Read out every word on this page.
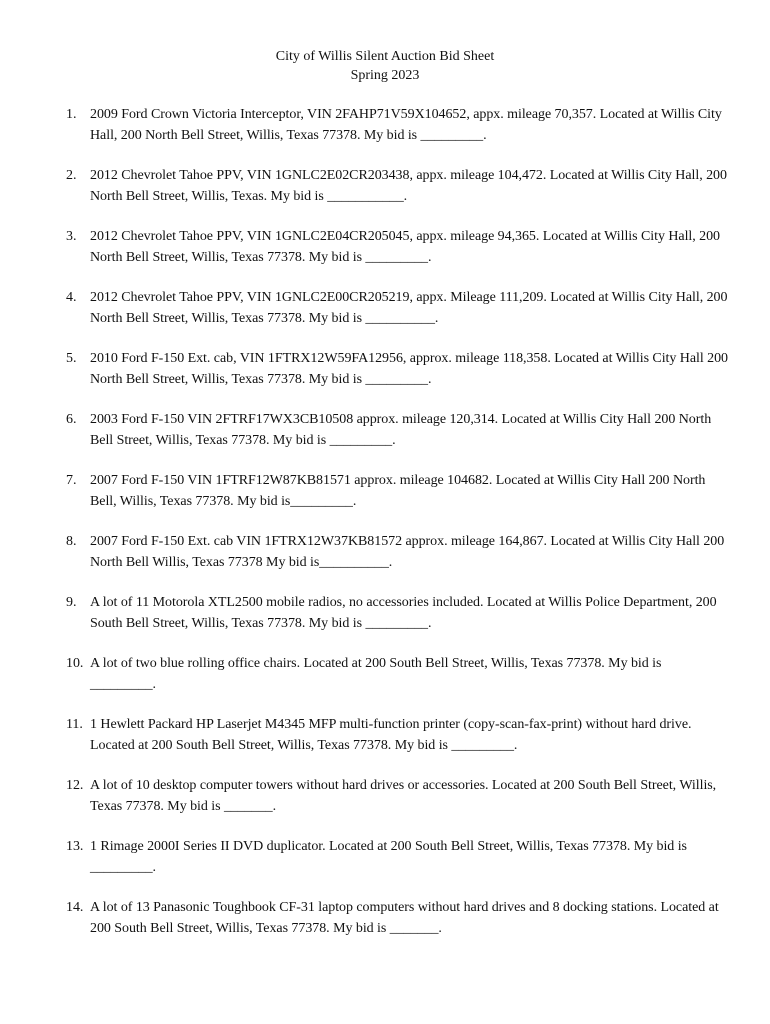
City of Willis Silent Auction Bid Sheet
Spring 2023
1. 2009 Ford Crown Victoria Interceptor, VIN 2FAHP71V59X104652, appx. mileage 70,357. Located at Willis City Hall, 200 North Bell Street, Willis, Texas 77378. My bid is _________.
2. 2012 Chevrolet Tahoe PPV, VIN 1GNLC2E02CR203438, appx. mileage 104,472. Located at Willis City Hall, 200 North Bell Street, Willis, Texas. My bid is ___________.
3. 2012 Chevrolet Tahoe PPV, VIN 1GNLC2E04CR205045, appx. mileage 94,365. Located at Willis City Hall, 200 North Bell Street, Willis, Texas 77378. My bid is _________.
4. 2012 Chevrolet Tahoe PPV, VIN 1GNLC2E00CR205219, appx. Mileage 111,209. Located at Willis City Hall, 200 North Bell Street, Willis, Texas 77378. My bid is __________.
5. 2010 Ford F-150 Ext. cab, VIN 1FTRX12W59FA12956, approx. mileage 118,358. Located at Willis City Hall 200 North Bell Street, Willis, Texas 77378. My bid is _________.
6. 2003 Ford F-150 VIN 2FTRF17WX3CB10508 approx. mileage 120,314. Located at Willis City Hall 200 North Bell Street, Willis, Texas 77378. My bid is _________.
7. 2007 Ford F-150 VIN 1FTRF12W87KB81571 approx. mileage 104682. Located at Willis City Hall 200 North Bell, Willis, Texas 77378. My bid is_________.
8. 2007 Ford F-150 Ext. cab VIN 1FTRX12W37KB81572 approx. mileage 164,867. Located at Willis City Hall 200 North Bell Willis, Texas 77378 My bid is__________.
9. A lot of 11 Motorola XTL2500 mobile radios, no accessories included. Located at Willis Police Department, 200 South Bell Street, Willis, Texas 77378. My bid is _________.
10. A lot of two blue rolling office chairs. Located at 200 South Bell Street, Willis, Texas 77378. My bid is _________.
11. 1 Hewlett Packard HP Laserjet M4345 MFP multi-function printer (copy-scan-fax-print) without hard drive. Located at 200 South Bell Street, Willis, Texas 77378. My bid is _________.
12. A lot of 10 desktop computer towers without hard drives or accessories. Located at 200 South Bell Street, Willis, Texas 77378. My bid is _______.
13. 1 Rimage 2000I Series II DVD duplicator. Located at 200 South Bell Street, Willis, Texas 77378. My bid is _________.
14. A lot of 13 Panasonic Toughbook CF-31 laptop computers without hard drives and 8 docking stations. Located at 200 South Bell Street, Willis, Texas 77378. My bid is _______.
